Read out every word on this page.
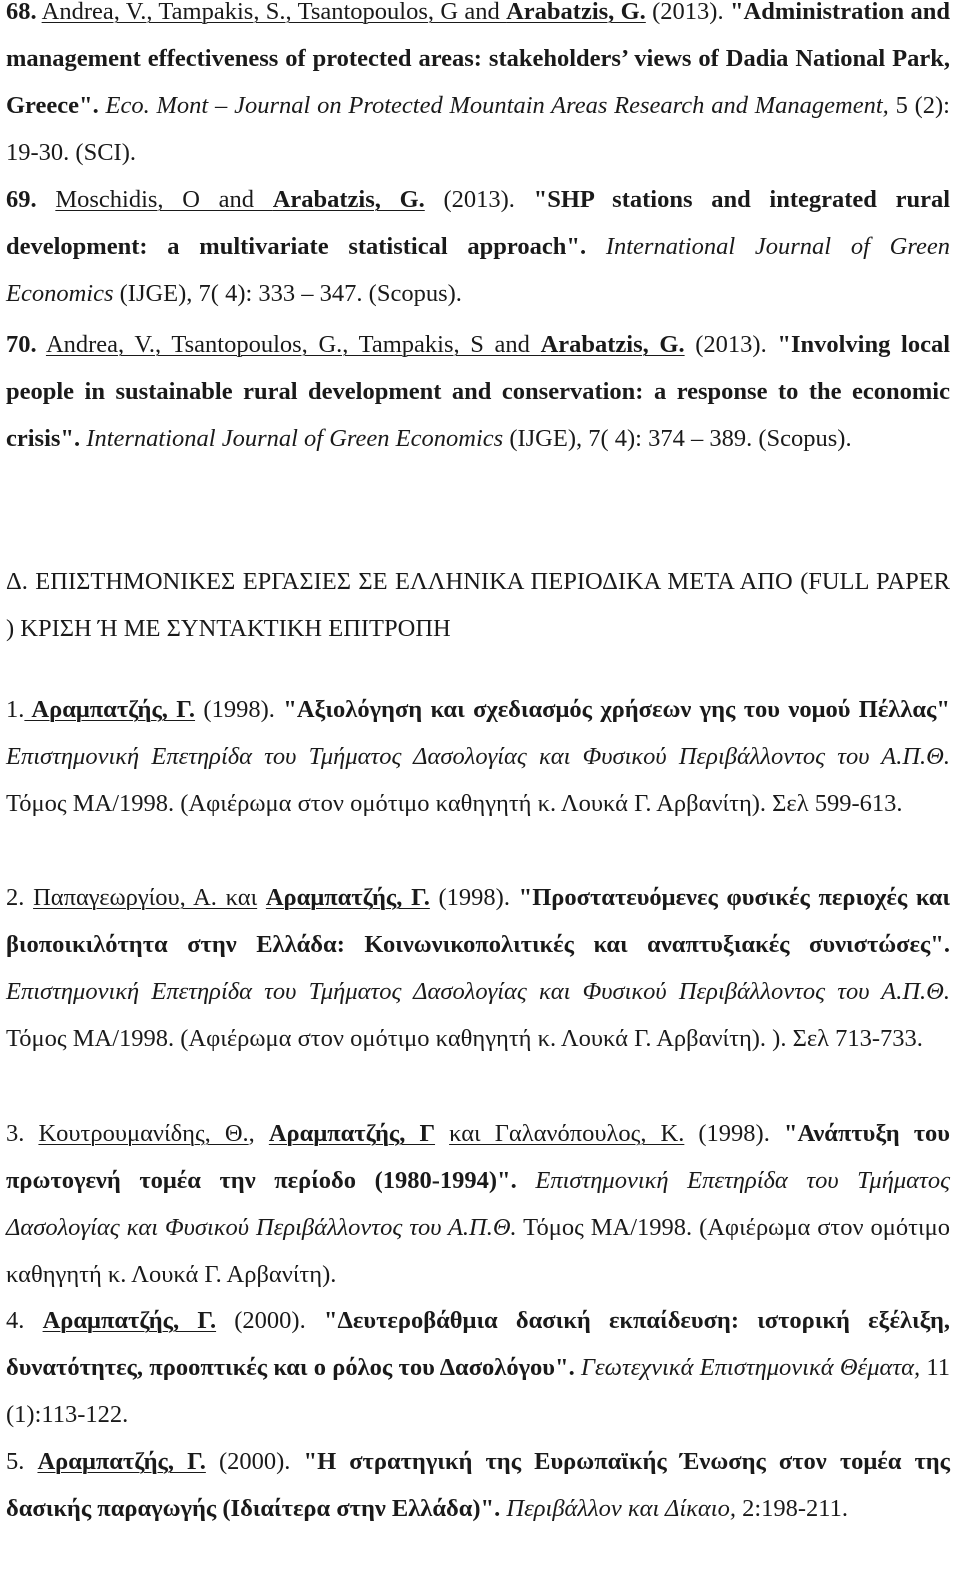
68. Andrea, V., Tampakis, S., Tsantopoulos, G and Arabatzis, G. (2013). "Administration and management effectiveness of protected areas: stakeholders’ views of Dadia National Park, Greece". Eco. Mont – Journal on Protected Mountain Areas Research and Management, 5 (2): 19-30. (SCI).

69. Moschidis, O and Arabatzis, G. (2013). "SHP stations and integrated rural development: a multivariate statistical approach". International Journal of Green Economics (IJGE), 7( 4): 333 – 347. (Scopus).

70. Andrea, V., Tsantopoulos, G., Tampakis, S and Arabatzis, G. (2013). "Involving local people in sustainable rural development and conservation: a response to the economic crisis". International Journal of Green Economics (IJGE), 7( 4): 374 – 389. (Scopus).

Δ. ΕΠΙΣΤΗΜΟΝΙΚΕΣ ΕΡΓΑΣΙΕΣ ΣΕ ΕΛΛΗΝΙΚΑ ΠΕΡΙΟΔΙΚΑ ΜΕΤΑ ΑΠΟ (FULL PAPER ) ΚΡΙΣΗ Ή ΜΕ ΣΥΝΤΑΚΤΙΚΗ ΕΠΙΤΡΟΠΗ

1. Αραμπατζής, Γ. (1998). "Αξιολόγηση και σχεδιασμός χρήσεων γης του νομού Πέλλας" Επιστημονική Επετηρίδα του Τμήματος Δασολογίας και Φυσικού Περιβάλλοντος του Α.Π.Θ. Τόμος ΜΑ/1998. (Αφιέρωμα στον ομότιμο καθηγητή κ. Λουκά Γ. Αρβανίτη). Σελ 599-613.

2. Παπαγεωργίου, Α. και Αραμπατζής, Γ. (1998). "Προστατευόμενες φυσικές περιοχές και βιοποικιλότητα στην Ελλάδα: Κοινωνικοπολιτικές και αναπτυξιακές συνιστώσες". Επιστημονική Επετηρίδα του Τμήματος Δασολογίας και Φυσικού Περιβάλλοντος του Α.Π.Θ. Τόμος ΜΑ/1998. (Αφιέρωμα στον ομότιμο καθηγητή κ. Λουκά Γ. Αρβανίτη). ). Σελ 713-733.

3. Κουτρουμανίδης, Θ., Αραμπατζής, Γ και Γαλανόπουλος, Κ. (1998). "Ανάπτυξη του πρωτογενή τομέα την περίοδο (1980-1994)". Επιστημονική Επετηρίδα του Τμήματος Δασολογίας και Φυσικού Περιβάλλοντος του Α.Π.Θ. Τόμος ΜΑ/1998. (Αφιέρωμα στον ομότιμο καθηγητή κ. Λουκά Γ. Αρβανίτη).

4. Αραμπατζής, Γ. (2000). "Δευτεροβάθμια δασική εκπαίδευση: ιστορική εξέλιξη, δυνατότητες, προοπτικές και ο ρόλος του Δασολόγου". Γεωτεχνικά Επιστημονικά Θέματα, 11 (1):113-122.

5. Αραμπατζής, Γ. (2000). "Η στρατηγική της Ευρωπαϊκής Ένωσης στον τομέα της δασικής παραγωγής (Ιδιαίτερα στην Ελλάδα)". Περιβάλλον και Δίκαιο, 2:198-211.
